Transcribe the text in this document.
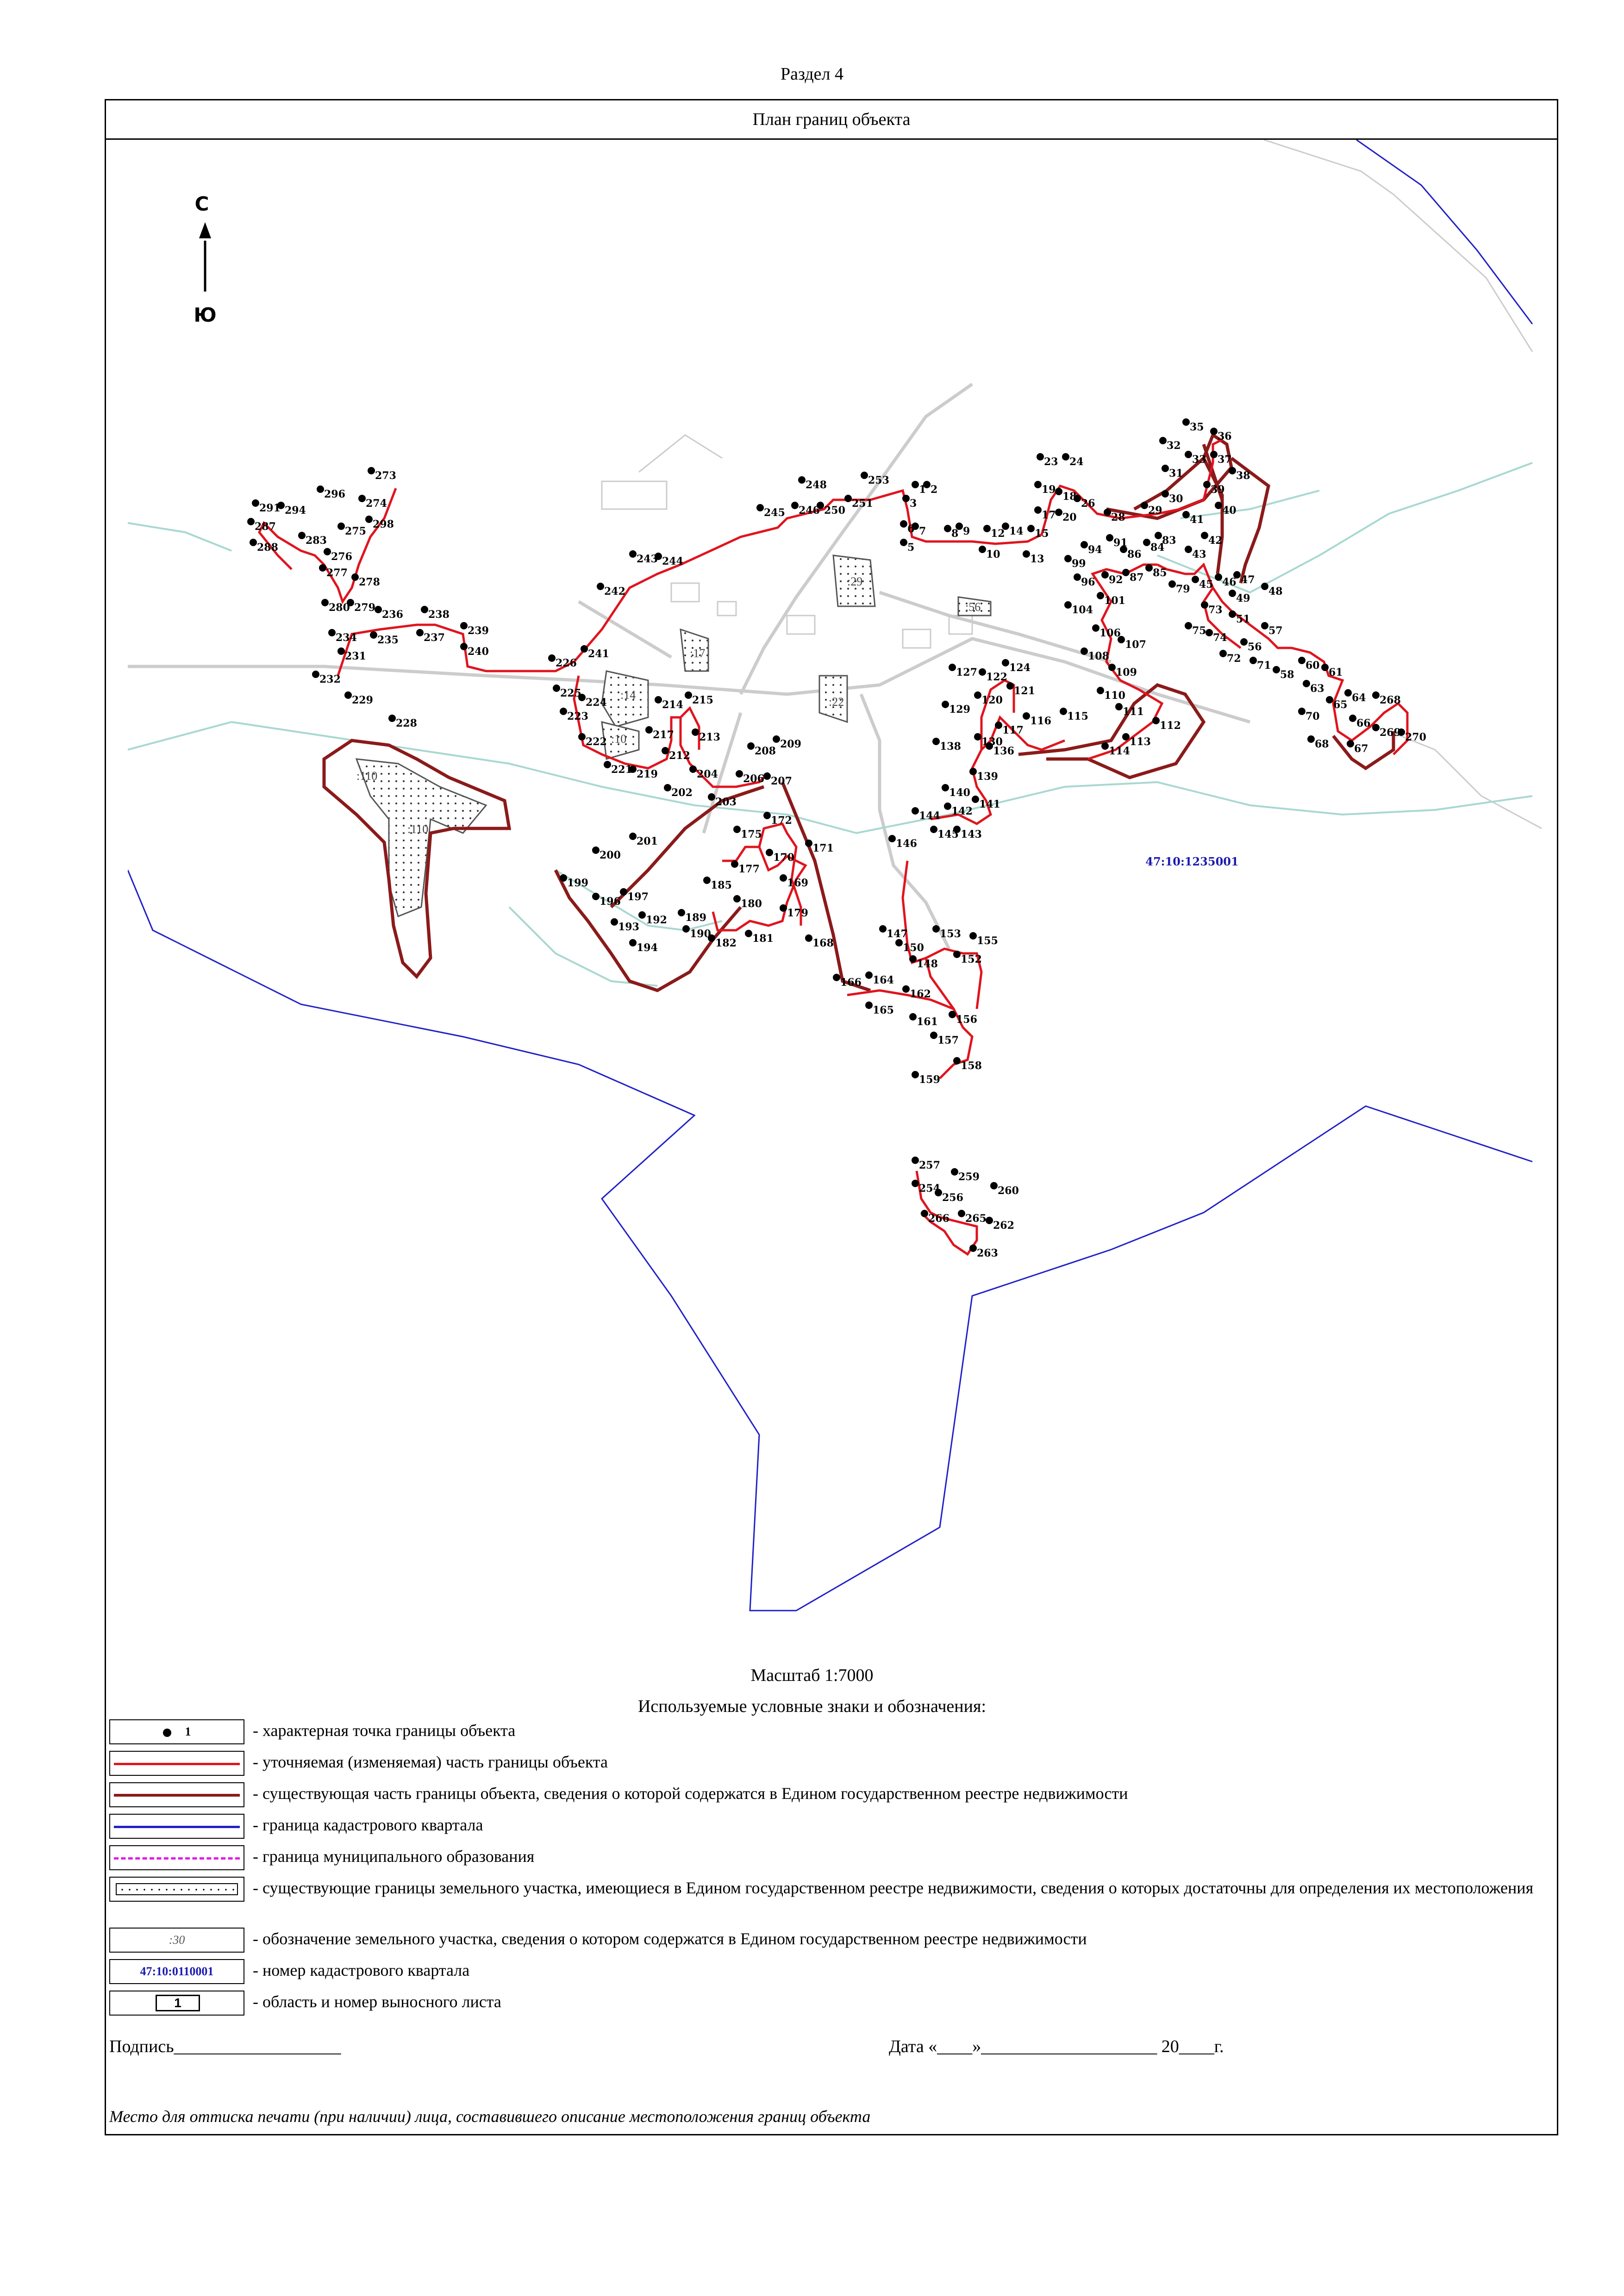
Раздел 4
План границ объекта
1 2
3
5
6 7 8 9
10
12
13
14 15
17
18
19
20
23 24
26
28
29
30
31
32
33
35
36
37
38
39
40
41
42
43
45 46 47
48
49
51
56
57
58
60
61
63
64
65
66
67
68
70
71
72
73
74
75
79
83
84
85
86
87
91
92
94
96
99
101
104
106
107
108
109
110
111
112
113
114
115
116
117
120
121
122
124
127
129
130
136
138
139
140
141
142
143
144
145
146
147
148
150
152
153
155
156
157
158
159
161
162
164
165
166
168
169
170
171
172
175
177
179
180
181
182
185
189
190
192
193
194
196 197
199
200
201
202
203
204 206 207
208
209
212
213
214 215
217
219
221
222
223
224
225
226
228
229
231
232
234 235
236
237
238
239
240	241
242
243 244
245 246
248
250
251
253
254
256
257
259
260
262
263
265
266
268
269 270
273
274
275
276
277
278
279
280
283
287
288
291 294
296
298
:110
:110
:14
:10
:17
:29
:22
:56
С
Ю
47:10:1235001
Масштаб 1:7000
Используемые условные знаки и обозначения:
1	- характерная точка границы объекта
- уточняемая (изменяемая) часть границы объекта
- существующая часть границы объекта, сведения о которой содержатся в Едином государственном реестре недвижимости
- граница кадастрового квартала
- граница муниципального образования
- существующие границы земельного участка, имеющиеся в Едином государственном реестре недвижимости, сведения о которых достаточны для определения их местоположения
:30	- обозначение земельного участка, сведения о котором содержатся в Едином государственном реестре недвижимости
47:10:0110001	- номер кадастрового квартала
1	- область и номер выносного листа
Подпись___________________	Дата «____»____________________ 20____г.
Место для оттиска печати (при наличии) лица, составившего описание местоположения границ объекта
